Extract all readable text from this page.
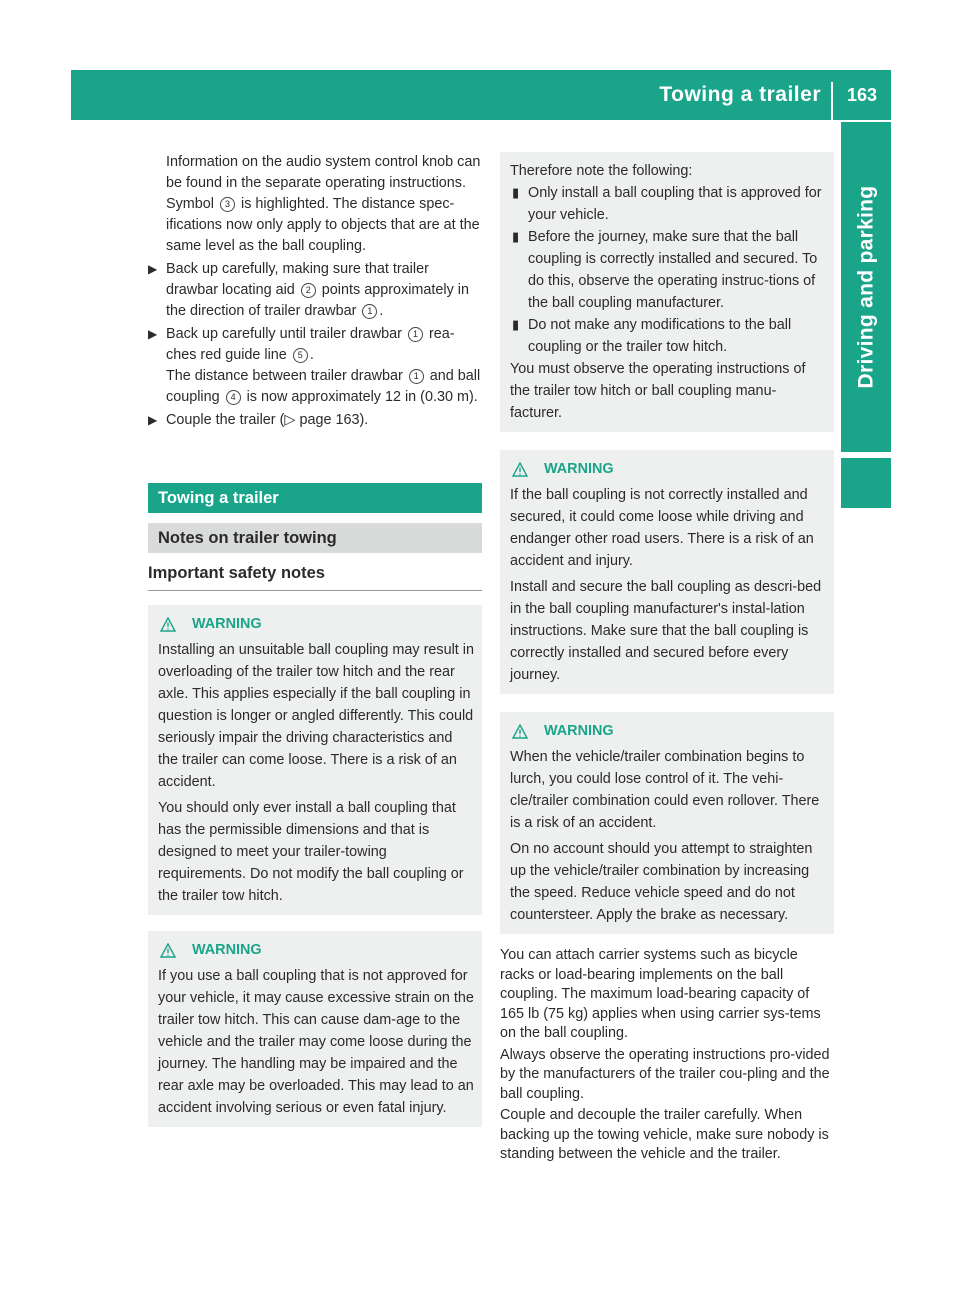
Towing a trailer 163
Driving and parking

Information on the audio system control knob can be found in the separate operating instructions.

Symbol 3 is highlighted. The distance spec-ifications now only apply to objects that are at the same level as the ball coupling.

▶ Back up carefully, making sure that trailer drawbar locating aid 2 points approximately in the direction of trailer drawbar 1 .
▶ Back up carefully until trailer drawbar 1 rea-ches red guide line 5 .
The distance between trailer drawbar 1 and ball coupling 4 is now approximately 12 in (0.30 m).
▶ Couple the trailer (▷ page 163).
Towing a trailer
Notes on trailer towing
Important safety notes
WARNING

Installing an unsuitable ball coupling may result in overloading of the trailer tow hitch and the rear axle. This applies especially if the ball coupling in question is longer or angled differently. This could seriously impair the driving characteristics and the trailer can come loose. There is a risk of an accident.

You should only ever install a ball coupling that has the permissible dimensions and that is designed to meet your trailer-towing requirements. Do not modify the ball coupling or the trailer tow hitch.

WARNING

If you use a ball coupling that is not approved for your vehicle, it may cause excessive strain on the trailer tow hitch. This can cause dam-age to the vehicle and the trailer may come loose during the journey. The handling may be impaired and the rear axle may be overloaded. This may lead to an accident involving serious or even fatal injury.

Therefore note the following:

▮ Only install a ball coupling that is approved for your vehicle.
▮ Before the journey, make sure that the ball coupling is correctly installed and secured. To do this, observe the operating instruc-tions of the ball coupling manufacturer.
▮ Do not make any modifications to the ball coupling or the trailer tow hitch.

You must observe the operating instructions of the trailer tow hitch or ball coupling manu-facturer.

WARNING

If the ball coupling is not correctly installed and secured, it could come loose while driving and endanger other road users. There is a risk of an accident and injury.

Install and secure the ball coupling as descri-bed in the ball coupling manufacturer's instal-lation instructions. Make sure that the ball coupling is correctly installed and secured before every journey.

WARNING

When the vehicle/trailer combination begins to lurch, you could lose control of it. The vehi-cle/trailer combination could even rollover. There is a risk of an accident.

On no account should you attempt to straighten up the vehicle/trailer combination by increasing the speed. Reduce vehicle speed and do not countersteer. Apply the brake as necessary.

You can attach carrier systems such as bicycle racks or load-bearing implements on the ball coupling. The maximum load-bearing capacity of 165 lb (75 kg) applies when using carrier sys-tems on the ball coupling.

Always observe the operating instructions pro-vided by the manufacturers of the trailer cou-pling and the ball coupling.

Couple and decouple the trailer carefully. When backing up the towing vehicle, make sure nobody is standing between the vehicle and the trailer.
